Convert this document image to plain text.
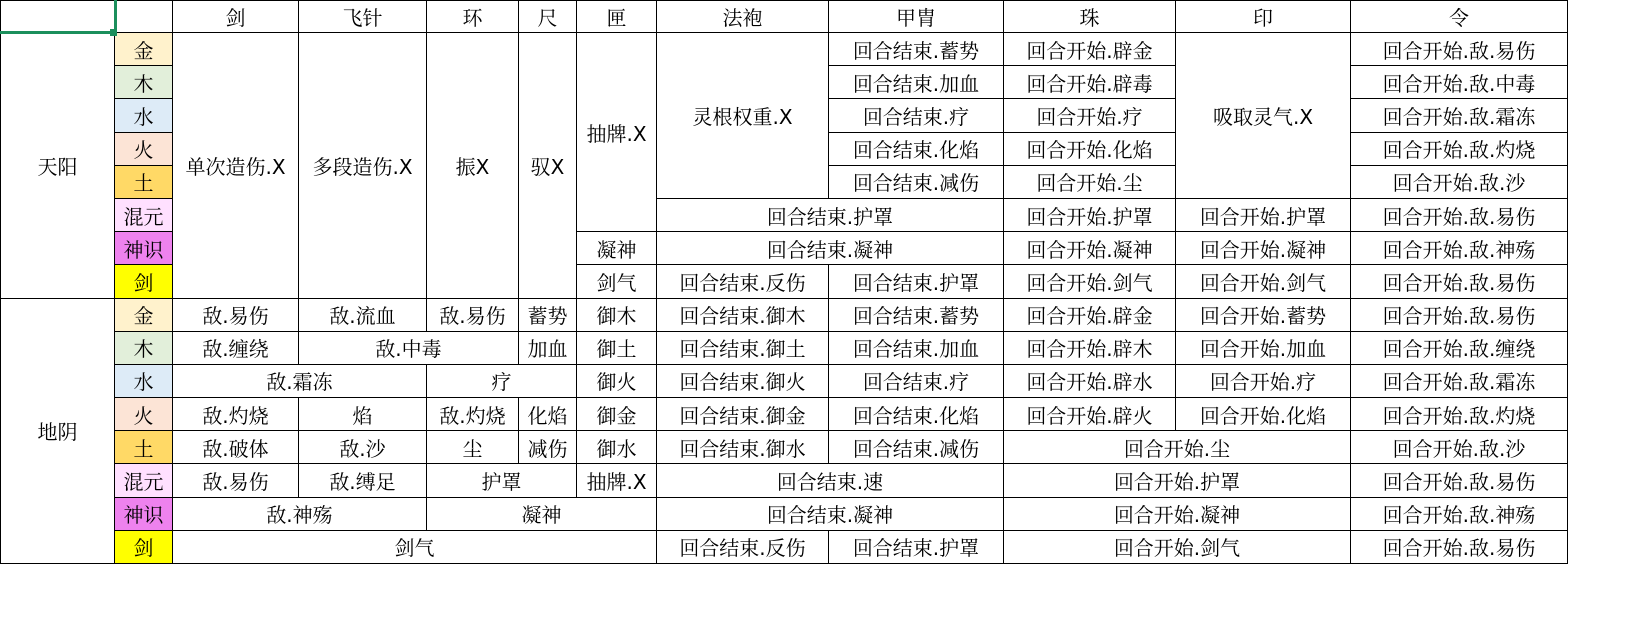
		剑	飞针	环	尺	匣	法袍	甲胄	珠	印	令
天阳	金	单次造伤.X	多段造伤.X	振X	驭X	抽牌.X	灵根权重.X	回合结束.蓄势	回合开始.辟金	吸取灵气.X	回合开始.敌.易伤
	木							回合结束.加血	回合开始.辟毒		回合开始.敌.中毒
	水							回合结束.疗	回合开始.疗		回合开始.敌.霜冻
	火							回合结束.化焰	回合开始.化焰		回合开始.敌.灼烧
	土							回合结束.减伤	回合开始.尘		回合开始.敌.沙
	混元						回合结束.护罩		回合开始.护罩	回合开始.护罩	回合开始.敌.易伤
	神识					凝神	回合结束.凝神		回合开始.凝神	回合开始.凝神	回合开始.敌.神殇
	剑					剑气	回合结束.反伤	回合结束.护罩	回合开始.剑气	回合开始.剑气	回合开始.敌.易伤
地阴	金	敌.易伤	敌.流血	敌.易伤	蓄势	御木	回合结束.御木	回合结束.蓄势	回合开始.辟金	回合开始.蓄势	回合开始.敌.易伤
	木	敌.缠绕	敌.中毒		加血	御土	回合结束.御土	回合结束.加血	回合开始.辟木	回合开始.加血	回合开始.敌.缠绕
	水	敌.霜冻		疗		御火	回合结束.御火	回合结束.疗	回合开始.辟水	回合开始.疗	回合开始.敌.霜冻
	火	敌.灼烧	焰	敌.灼烧	化焰	御金	回合结束.御金	回合结束.化焰	回合开始.辟火	回合开始.化焰	回合开始.敌.灼烧
	土	敌.破体	敌.沙	尘	减伤	御水	回合结束.御水	回合结束.减伤	回合开始.尘		回合开始.敌.沙
	混元	敌.易伤	敌.缚足	护罩		抽牌.X	回合结束.速		回合开始.护罩		回合开始.敌.易伤
	神识	敌.神殇		凝神			回合结束.凝神		回合开始.凝神		回合开始.敌.神殇
	剑	剑气					回合结束.反伤	回合结束.护罩	回合开始.剑气		回合开始.敌.易伤
